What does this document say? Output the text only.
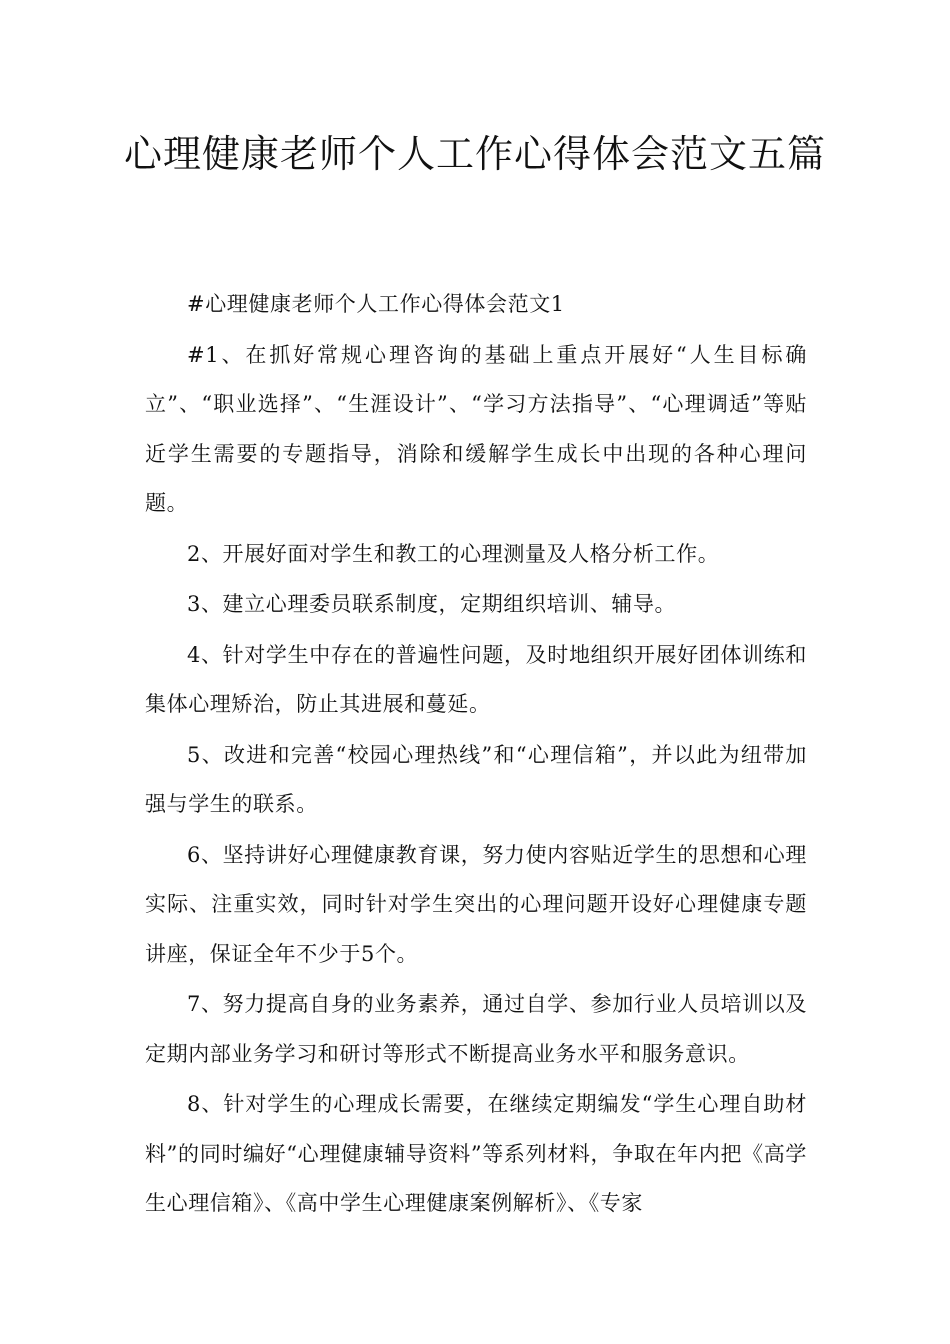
心理健康老师个人工作心得体会范文五篇

#心理健康老师个人工作心得体会范文1

#1、在抓好常规心理咨询的基础上重点开展好“人生目标确立”、“职业选择”、“生涯设计”、“学习方法指导”、“心理调适”等贴近学生需要的专题指导，消除和缓解学生成长中出现的各种心理问题。

2、开展好面对学生和教工的心理测量及人格分析工作。

3、建立心理委员联系制度，定期组织培训、辅导。

4、针对学生中存在的普遍性问题，及时地组织开展好团体训练和集体心理矫治，防止其进展和蔓延。

5、改进和完善“校园心理热线”和“心理信箱”，并以此为纽带加强与学生的联系。

6、坚持讲好心理健康教育课，努力使内容贴近学生的思想和心理实际、注重实效，同时针对学生突出的心理问题开设好心理健康专题讲座，保证全年不少于5个。

7、努力提高自身的业务素养，通过自学、参加行业人员培训以及定期内部业务学习和研讨等形式不断提高业务水平和服务意识。

8、针对学生的心理成长需要，在继续定期编发“学生心理自助材料”的同时编好“心理健康辅导资料”等系列材料，争取在年内把《高学生心理信箱》、《高中学生心理健康案例解析》、《专家
